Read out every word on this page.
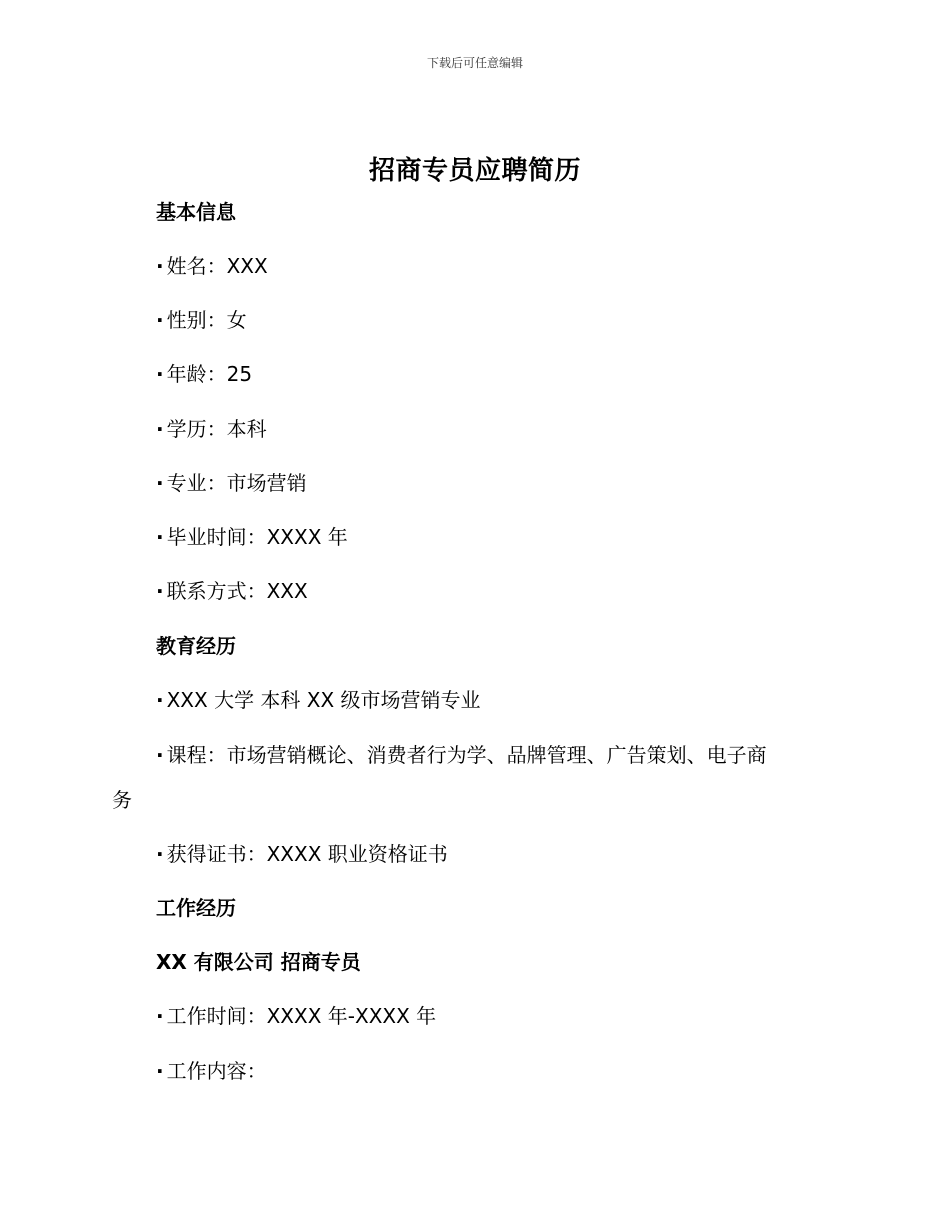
下载后可任意编辑
招商专员应聘简历
基本信息
· 姓名：XXX
· 性别：女
· 年龄：25
· 学历：本科
· 专业：市场营销
· 毕业时间：XXXX 年
· 联系方式：XXX
教育经历
· XXX 大学 本科 XX 级市场营销专业
· 课程：市场营销概论、消费者行为学、品牌管理、广告策划、电子商
务
· 获得证书：XXXX 职业资格证书
工作经历
XX 有限公司 招商专员
· 工作时间：XXXX 年-XXXX 年
· 工作内容：
